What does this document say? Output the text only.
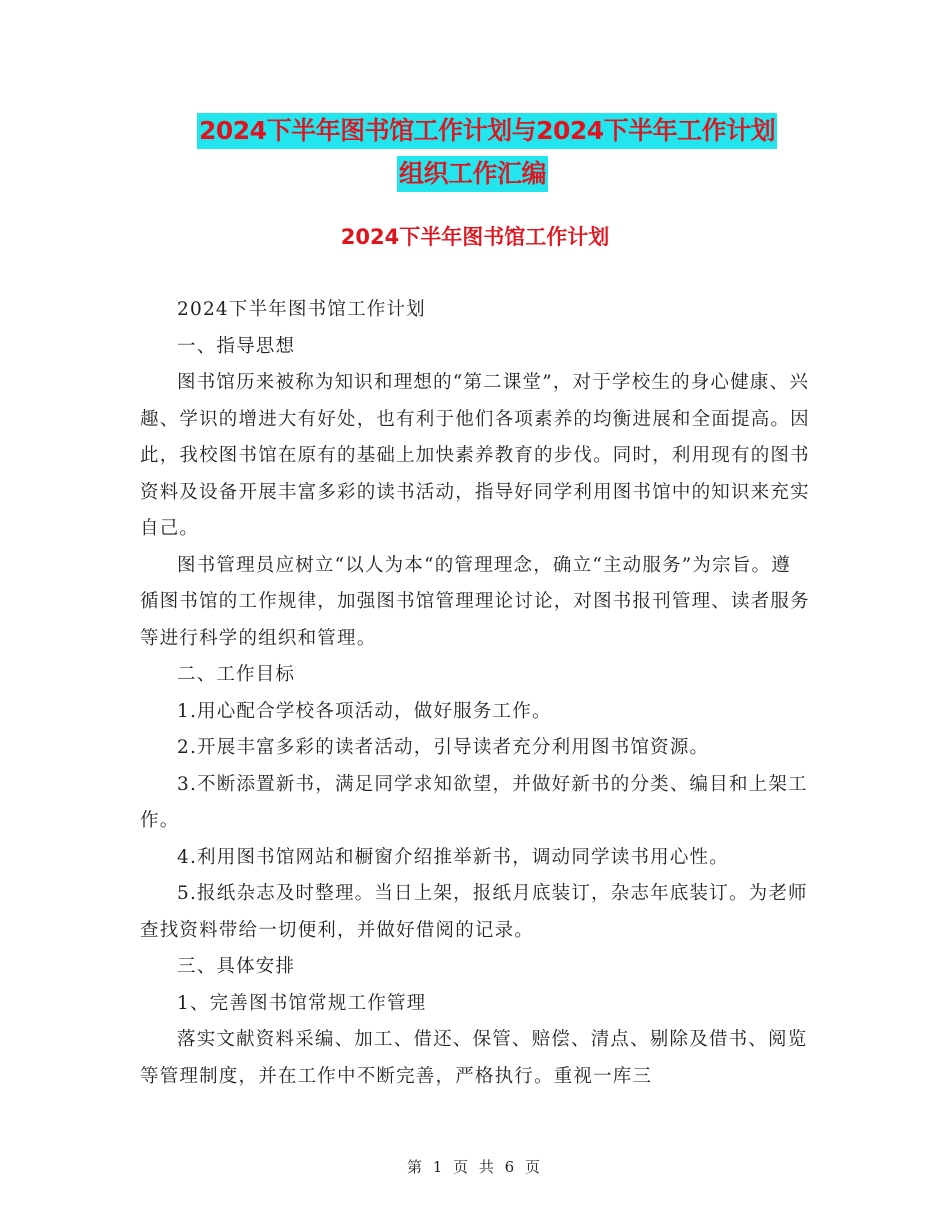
2024下半年图书馆工作计划与2024下半年工作计划
组织工作汇编
2024下半年图书馆工作计划

2024下半年图书馆工作计划

一、指导思想

图书馆历来被称为知识和理想的“第二课堂”，对于学校生的身心健康、兴趣、学识的增进大有好处，也有利于他们各项素养的均衡进展和全面提高。因此，我校图书馆在原有的基础上加快素养教育的步伐。同时，利用现有的图书资料及设备开展丰富多彩的读书活动，指导好同学利用图书馆中的知识来充实自己。

图书管理员应树立“以人为本“的管理理念，确立“主动服务”为宗旨。遵循图书馆的工作规律，加强图书馆管理理论讨论，对图书报刊管理、读者服务等进行科学的组织和管理。

二、工作目标

1.用心配合学校各项活动，做好服务工作。

2.开展丰富多彩的读者活动，引导读者充分利用图书馆资源。

3.不断添置新书，满足同学求知欲望，并做好新书的分类、编目和上架工作。

4.利用图书馆网站和橱窗介绍推举新书，调动同学读书用心性。

5.报纸杂志及时整理。当日上架，报纸月底装订，杂志年底装订。为老师查找资料带给一切便利，并做好借阅的记录。

三、具体安排

1、完善图书馆常规工作管理

落实文献资料采编、加工、借还、保管、赔偿、清点、剔除及借书、阅览等管理制度，并在工作中不断完善，严格执行。重视一库三

第 1 页 共 6 页
